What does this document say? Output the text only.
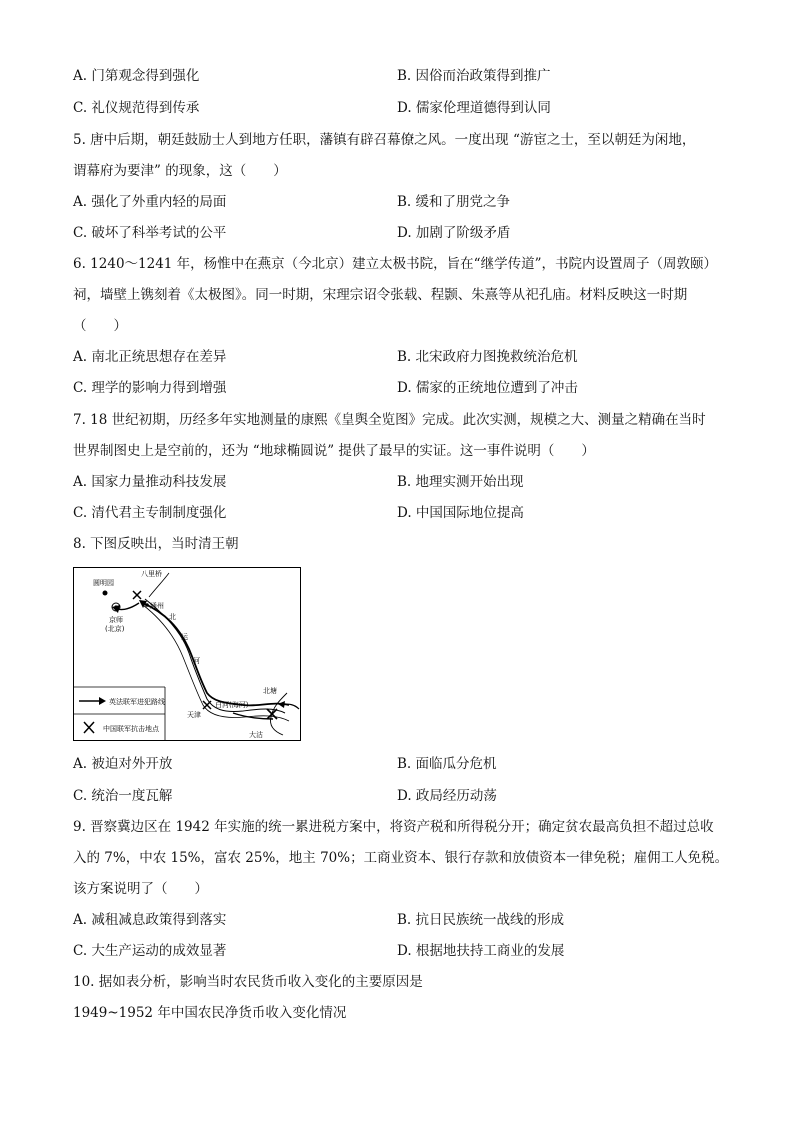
A. 门第观念得到强化	B. 因俗而治政策得到推广
C. 礼仪规范得到传承	D. 儒家伦理道德得到认同
5. 唐中后期，朝廷鼓励士人到地方任职，藩镇有辟召幕僚之风。一度出现 “游宦之士，至以朝廷为闲地，
谓幕府为要津” 的现象，这（　　）
A. 强化了外重内轻的局面	B. 缓和了朋党之争
C. 破坏了科举考试的公平	D. 加剧了阶级矛盾
6. 1240～1241 年，杨惟中在燕京（今北京）建立太极书院，旨在“继学传道”，书院内设置周子（周敦颐）
祠，墙壁上镌刻着《太极图》。同一时期，宋理宗诏令张载、程颢、朱熹等从祀孔庙。材料反映这一时期
（　　）
A. 南北正统思想存在差异	B. 北宋政府力图挽救统治危机
C. 理学的影响力得到增强	D. 儒家的正统地位遭到了冲击
7. 18 世纪初期，历经多年实地测量的康熙《皇舆全览图》完成。此次实测，规模之大、测量之精确在当时
世界制图史上是空前的，还为 “地球椭圆说” 提供了最早的实证。这一事件说明（　　）
A. 国家力量推动科技发展	B. 地理实测开始出现
C. 清代君主专制制度强化	D. 中国国际地位提高
8. 下图反映出，当时清王朝
英法联军进犯路线
中国联军抗击地点
圆明园
京师
(北京)
八里桥
通州
北
运
河
天津
白河(海河)
北塘
大沽
A. 被迫对外开放	B. 面临瓜分危机
C. 统治一度瓦解	D. 政局经历动荡
9. 晋察冀边区在 1942 年实施的统一累进税方案中，将资产税和所得税分开；确定贫农最高负担不超过总收
入的 7%，中农 15%，富农 25%，地主 70%；工商业资本、银行存款和放债资本一律免税；雇佣工人免税。
该方案说明了（　　）
A. 减租减息政策得到落实	B. 抗日民族统一战线的形成
C. 大生产运动的成效显著	D. 根据地扶持工商业的发展
10. 据如表分析，影响当时农民货币收入变化的主要原因是
1949~1952 年中国农民净货币收入变化情况
